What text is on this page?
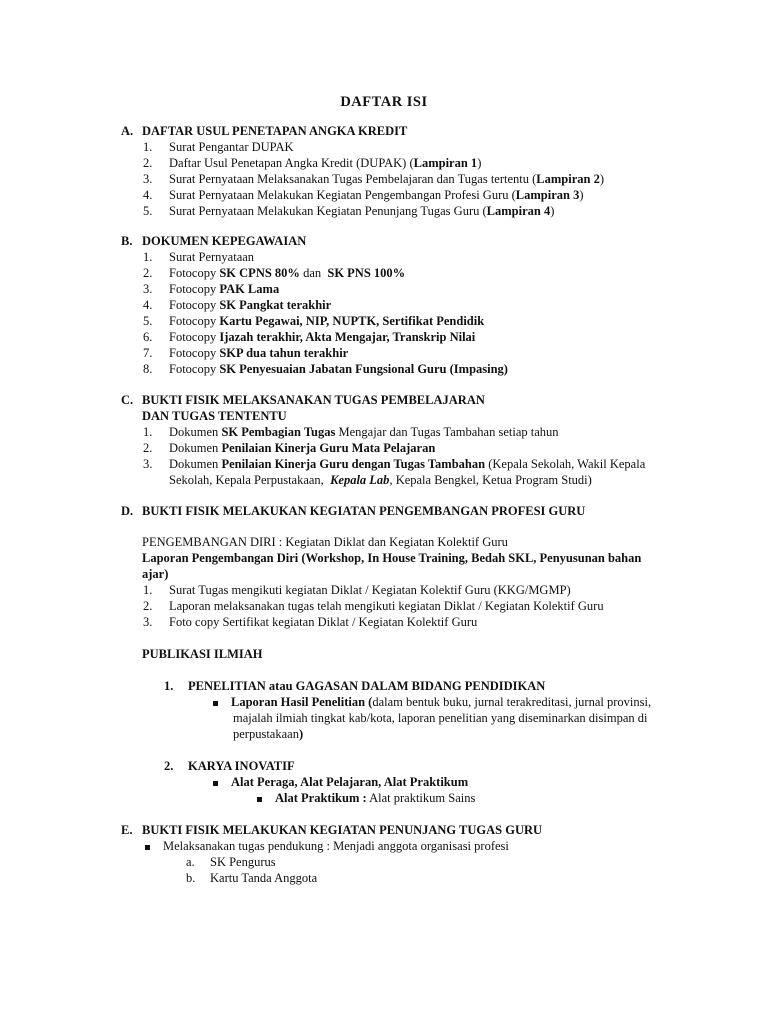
DAFTAR ISI
A. DAFTAR USUL PENETAPAN ANGKA KREDIT
1.	Surat Pengantar DUPAK
2.	Daftar Usul Penetapan Angka Kredit (DUPAK) (Lampiran 1)
3.	Surat Pernyataan Melaksanakan Tugas Pembelajaran dan Tugas tertentu (Lampiran 2)
4.	Surat Pernyataan Melakukan Kegiatan Pengembangan Profesi Guru (Lampiran 3)
5.	Surat Pernyataan Melakukan Kegiatan Penunjang Tugas Guru (Lampiran 4)
B. DOKUMEN KEPEGAWAIAN
1.	Surat Pernyataan
2.	Fotocopy SK CPNS 80% dan  SK PNS 100%
3.	Fotocopy PAK Lama
4.	Fotocopy SK Pangkat terakhir
5.	Fotocopy Kartu Pegawai, NIP, NUPTK, Sertifikat Pendidik
6.	Fotocopy Ijazah terakhir, Akta Mengajar, Transkrip Nilai
7.	Fotocopy SKP dua tahun terakhir
8.	Fotocopy SK Penyesuaian Jabatan Fungsional Guru (Impasing)
C. BUKTI FISIK MELAKSANAKAN TUGAS PEMBELAJARAN
DAN TUGAS TENTENTU
1.	Dokumen SK Pembagian Tugas Mengajar dan Tugas Tambahan setiap tahun
2.	Dokumen Penilaian Kinerja Guru Mata Pelajaran
3.	Dokumen Penilaian Kinerja Guru dengan Tugas Tambahan (Kepala Sekolah, Wakil Kepala
Sekolah, Kepala Perpustakaan,  Kepala Lab, Kepala Bengkel, Ketua Program Studi)
D. BUKTI FISIK MELAKUKAN KEGIATAN PENGEMBANGAN PROFESI GURU
PENGEMBANGAN DIRI : Kegiatan Diklat dan Kegiatan Kolektif Guru
Laporan Pengembangan Diri (Workshop, In House Training, Bedah SKL, Penyusunan bahan
ajar)
1.	Surat Tugas mengikuti kegiatan Diklat / Kegiatan Kolektif Guru (KKG/MGMP)
2.	Laporan melaksanakan tugas telah mengikuti kegiatan Diklat / Kegiatan Kolektif Guru
3.	Foto copy Sertifikat kegiatan Diklat / Kegiatan Kolektif Guru
PUBLIKASI ILMIAH
1.	PENELITIAN atau GAGASAN DALAM BIDANG PENDIDIKAN
Laporan Hasil Penelitian (dalam bentuk buku, jurnal terakreditasi, jurnal provinsi,
majalah ilmiah tingkat kab/kota, laporan penelitian yang diseminarkan disimpan di
perpustakaan)
2.	KARYA INOVATIF
Alat Peraga, Alat Pelajaran, Alat Praktikum
Alat Praktikum : Alat praktikum Sains
E. BUKTI FISIK MELAKUKAN KEGIATAN PENUNJANG TUGAS GURU
Melaksanakan tugas pendukung : Menjadi anggota organisasi profesi
a.	SK Pengurus
b.	Kartu Tanda Anggota
